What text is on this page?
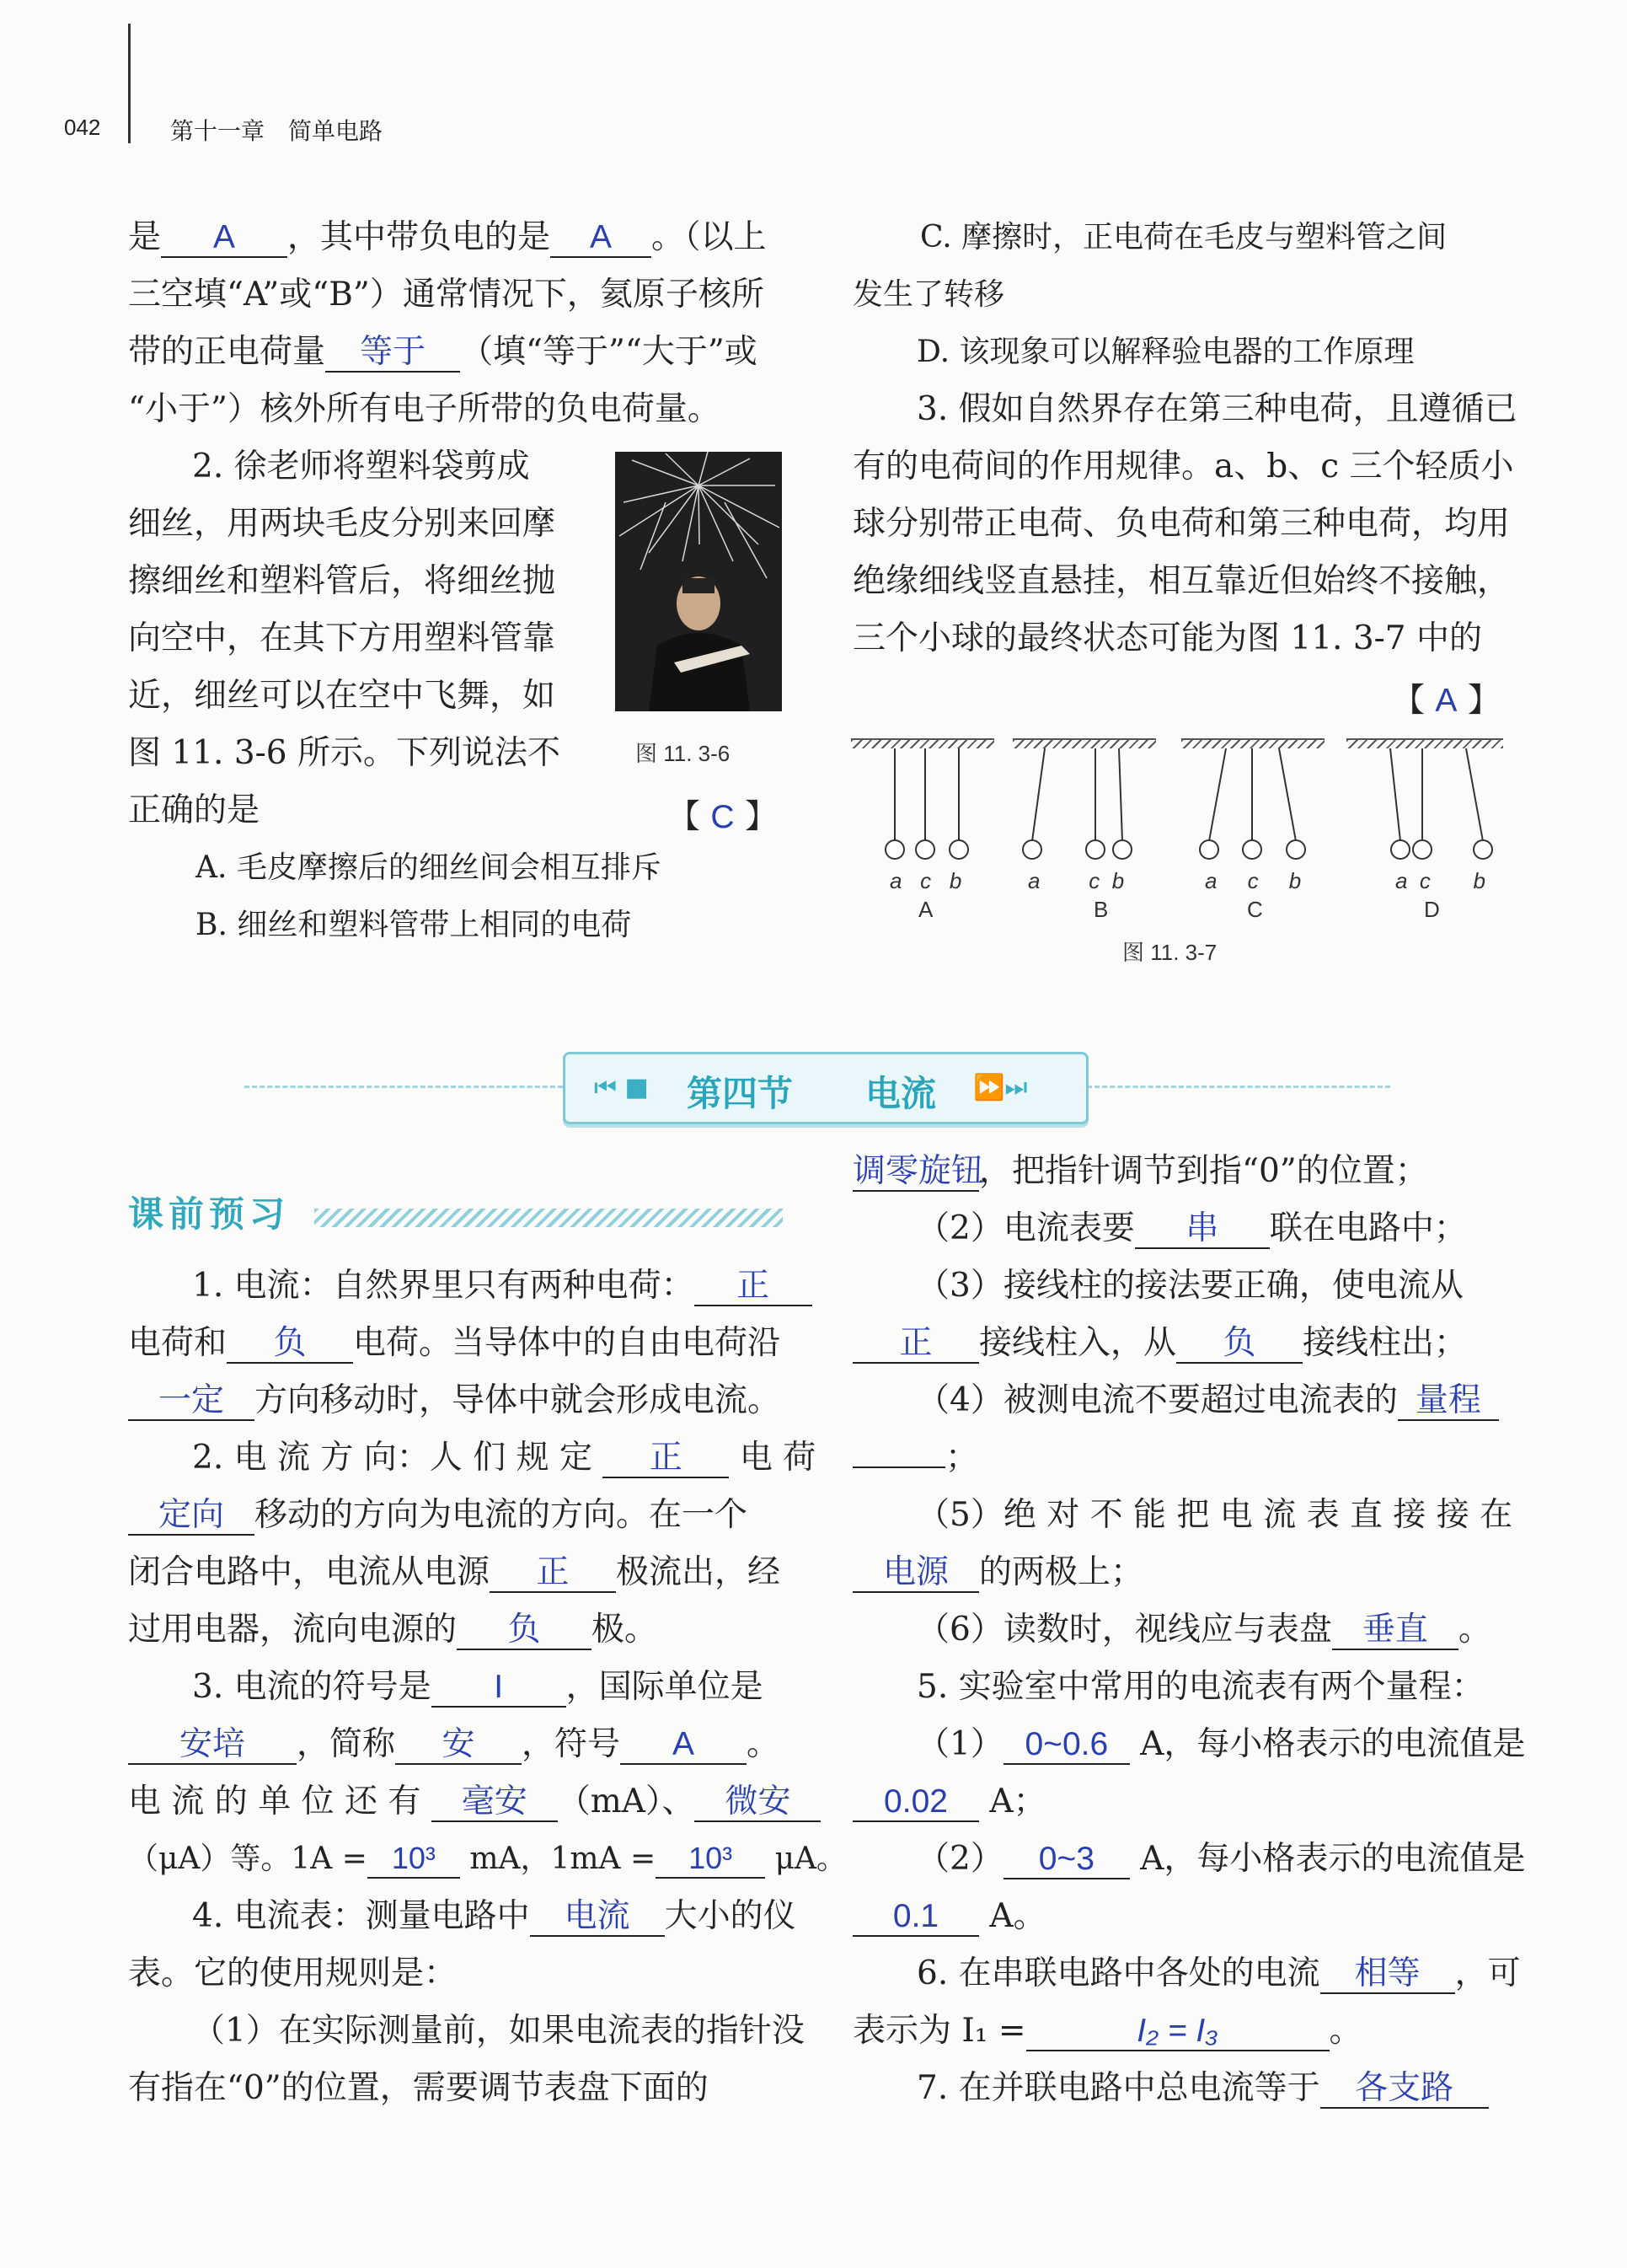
042	第十一章　简单电路
是 A ，其中带负电的是 A 。（以上
三空填“A”或“B”）通常情况下，氦原子核所
带的正电荷量 等于 （填“等于”“大于”或
“小于”）核外所有电子所带的负电荷量。
2. 徐老师将塑料袋剪成
细丝，用两块毛皮分别来回摩
擦细丝和塑料管后，将细丝抛
向空中，在其下方用塑料管靠
近，细丝可以在空中飞舞，如
图 11. 3-6 所示。下列说法不
正确的是	【 C 】
A. 毛皮摩擦后的细丝间会相互排斥
B. 细丝和塑料管带上相同的电荷
图 11. 3-6
C. 摩擦时，正电荷在毛皮与塑料管之间
发生了转移
D. 该现象可以解释验电器的工作原理
3. 假如自然界存在第三种电荷，且遵循已
有的电荷间的作用规律。a、b、c 三个轻质小
球分别带正电荷、负电荷和第三种电荷，均用
绝缘细线竖直悬挂，相互靠近但始终不接触，
三个小球的最终状态可能为图 11. 3-7 中的
【 A 】
a c b
A
a c b
B
a c b
C
a c b
D
图 11. 3-7
⏮ ■ 第四节 电流 ⏩⏭
课前预习
1. 电流：自然界里只有两种电荷： 正
电荷和 负 电荷。当导体中的自由电荷沿
一定 方向移动时，导体中就会形成电流。
2. 电 流 方 向：人 们 规 定 正 电 荷
定向 移动的方向为电流的方向。在一个
闭合电路中，电流从电源 正 极流出，经
过用电器，流向电源的 负 极。
3. 电流的符号是 I ，国际单位是
安培 ，简称 安 ，符号 A 。
电 流 的 单 位 还 有 毫安 （mA）、 微安
（μA）等。1A = 10³ mA，1mA = 10³ μA。
4. 电流表：测量电路中 电流 大小的仪
表。它的使用规则是：
（1）在实际测量前，如果电流表的指针没
有指在“0”的位置，需要调节表盘下面的
调零旋钮，把指针调节到指“0”的位置；
（2）电流表要 串 联在电路中；
（3）接线柱的接法要正确，使电流从
正 接线柱入，从 负 接线柱出；
（4）被测电流不要超过电流表的 量程
；
（5）绝 对 不 能 把 电 流 表 直 接 接 在
电源 的两极上；
（6）读数时，视线应与表盘 垂直 。
5. 实验室中常用的电流表有两个量程：
（1） 0~0.6 A，每小格表示的电流值是
0.02 A；
（2） 0~3 A，每小格表示的电流值是
0.1 A。
6. 在串联电路中各处的电流 相等 ，可
表示为 I₁ =	I₂ = I₃	。
7. 在并联电路中总电流等于 各支路
